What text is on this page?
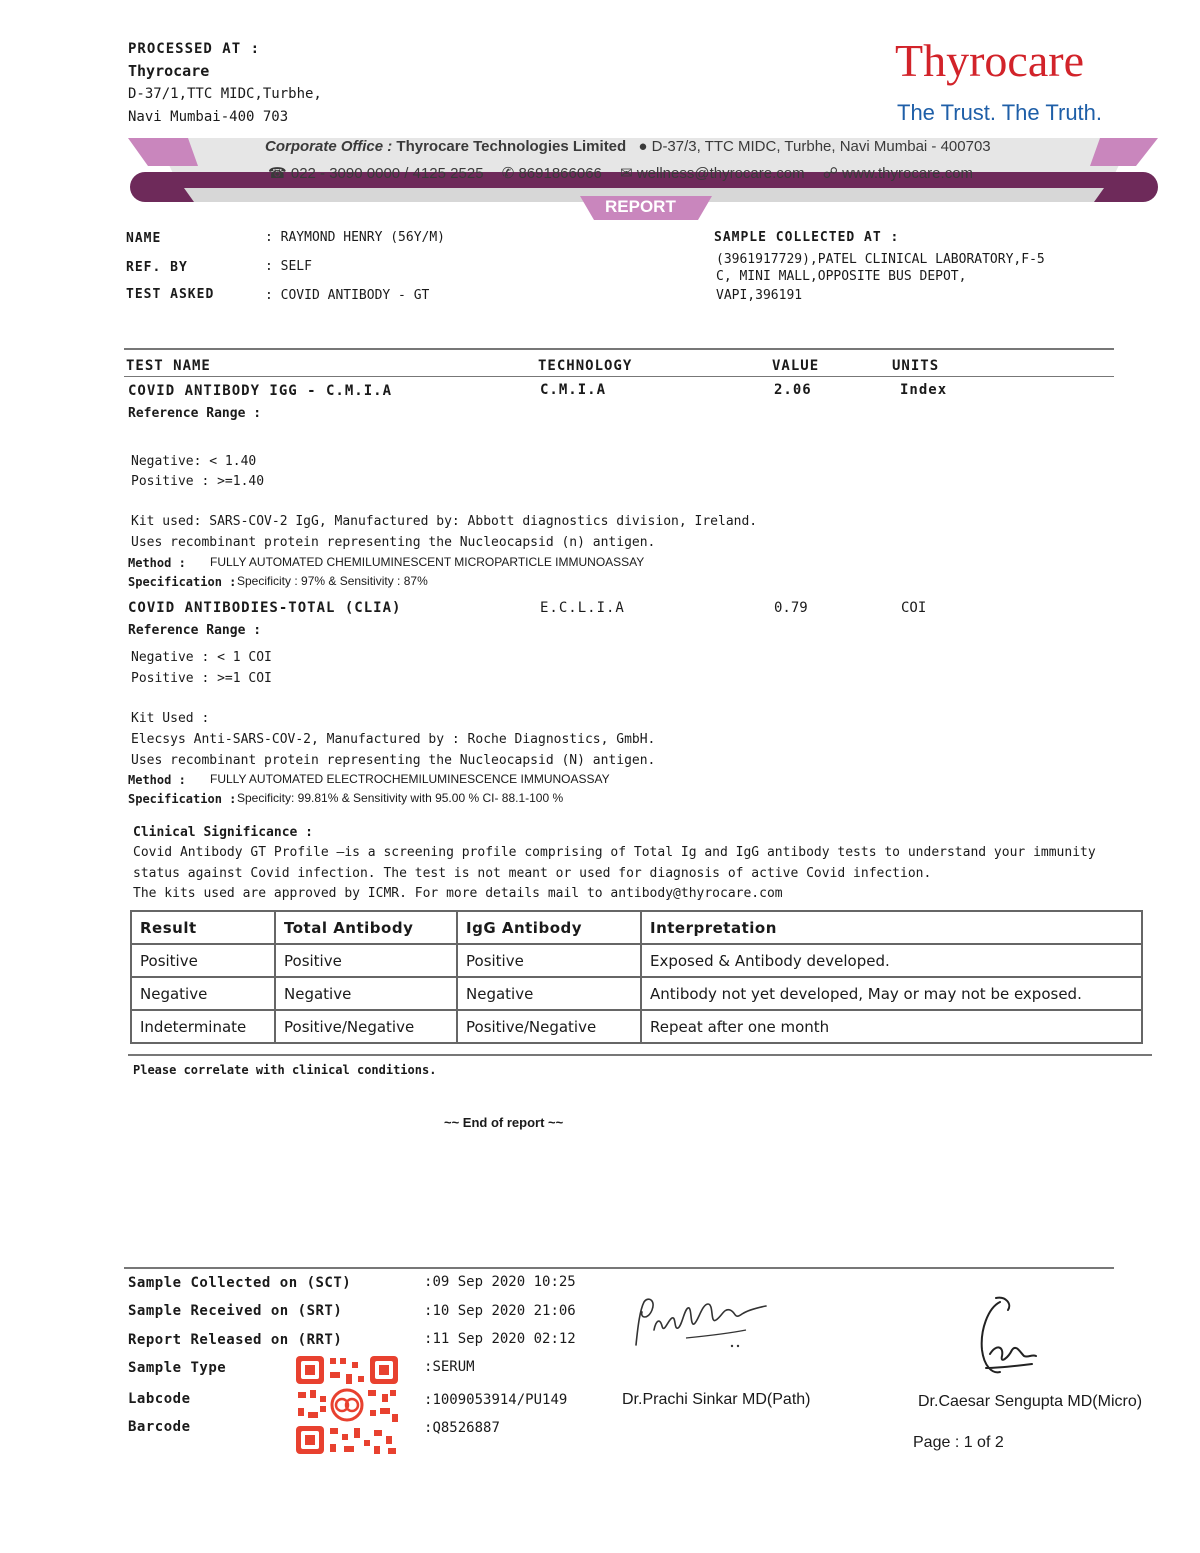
PROCESSED AT :
Thyrocare
D-37/1,TTC MIDC,Turbhe,
Navi Mumbai-400 703
Thyrocare
The Trust. The Truth.
Corporate Office : Thyrocare Technologies Limited ● D-37/3, TTC MIDC, Turbhe, Navi Mumbai - 400703
☎ 022 - 3090 0000 / 4125 2525 ✆ 8691866066 ✉ wellness@thyrocare.com ☍ www.thyrocare.com
REPORT
NAME	: RAYMOND HENRY (56Y/M)
REF. BY	: SELF
TEST ASKED	: COVID ANTIBODY - GT
SAMPLE COLLECTED AT :
(3961917729),PATEL CLINICAL LABORATORY,F-5
C, MINI MALL,OPPOSITE BUS DEPOT,
VAPI,396191
TEST NAME	TECHNOLOGY	VALUE	UNITS
COVID ANTIBODY IGG - C.M.I.A	C.M.I.A	2.06	Index
Reference Range :
Negative: < 1.40
Positive : >=1.40
Kit used: SARS-COV-2 IgG, Manufactured by: Abbott diagnostics division, Ireland.
Uses recombinant protein representing the Nucleocapsid (n) antigen.
Method : FULLY AUTOMATED CHEMILUMINESCENT MICROPARTICLE IMMUNOASSAY
Specification : Specificity : 97% & Sensitivity : 87%
COVID ANTIBODIES-TOTAL (CLIA)	E.C.L.I.A	0.79	COI
Reference Range :
Negative : < 1 COI
Positive : >=1 COI
Kit Used :
Elecsys Anti-SARS-COV-2, Manufactured by : Roche Diagnostics, GmbH.
Uses recombinant protein representing the Nucleocapsid (N) antigen.
Method : FULLY AUTOMATED ELECTROCHEMILUMINESCENCE IMMUNOASSAY
Specification : Specificity: 99.81% & Sensitivity with 95.00 % CI- 88.1-100 %
Clinical Significance :
Covid Antibody GT Profile –is a screening profile comprising of Total Ig and IgG antibody tests to understand your immunity
status against Covid infection. The test is not meant or used for diagnosis of active Covid infection.
The kits used are approved by ICMR. For more details mail to antibody@thyrocare.com
Result	Total Antibody	IgG Antibody	Interpretation
Positive	Positive	Positive	Exposed & Antibody developed.
Negative	Negative	Negative	Antibody not yet developed, May or may not be exposed.
Indeterminate	Positive/Negative	Positive/Negative	Repeat after one month
Please correlate with clinical conditions.
~~ End of report ~~
Sample Collected on (SCT)	:09 Sep 2020 10:25
Sample Received on (SRT)	:10 Sep 2020 21:06
Report Released on (RRT)	:11 Sep 2020 02:12
Sample Type	:SERUM
Labcode	:1009053914/PU149
Barcode	:Q8526887
Dr.Prachi Sinkar MD(Path)	Dr.Caesar Sengupta MD(Micro)
Page : 1 of 2
